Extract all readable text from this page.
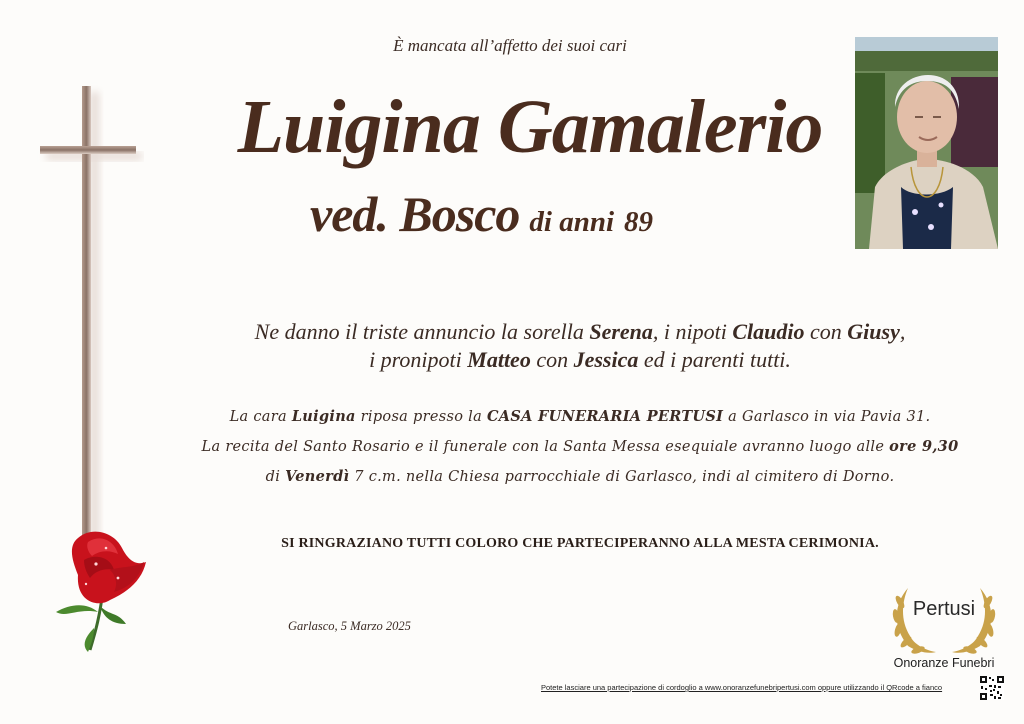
È mancata all’affetto dei suoi cari
Luigina Gamalerio
ved. Bosco di anni 89
Ne danno il triste annuncio la sorella Serena, i nipoti Claudio con Giusy,
i pronipoti Matteo con Jessica ed i parenti tutti.
La cara Luigina riposa presso la CASA FUNERARIA PERTUSI a Garlasco in via Pavia 31.
La recita del Santo Rosario e il funerale con la Santa Messa esequiale avranno luogo alle ore 9,30
di Venerdì 7 c.m. nella Chiesa parrocchiale di Garlasco, indi al cimitero di Dorno.
SI RINGRAZIANO TUTTI COLORO CHE PARTECIPERANNO ALLA MESTA CERIMONIA.
Garlasco, 5 Marzo 2025
Pertusi
Onoranze Funebri
Potete lasciare una partecipazione di cordoglio a www.onoranzefunebripertusi.com oppure utilizzando il QRcode a fianco
